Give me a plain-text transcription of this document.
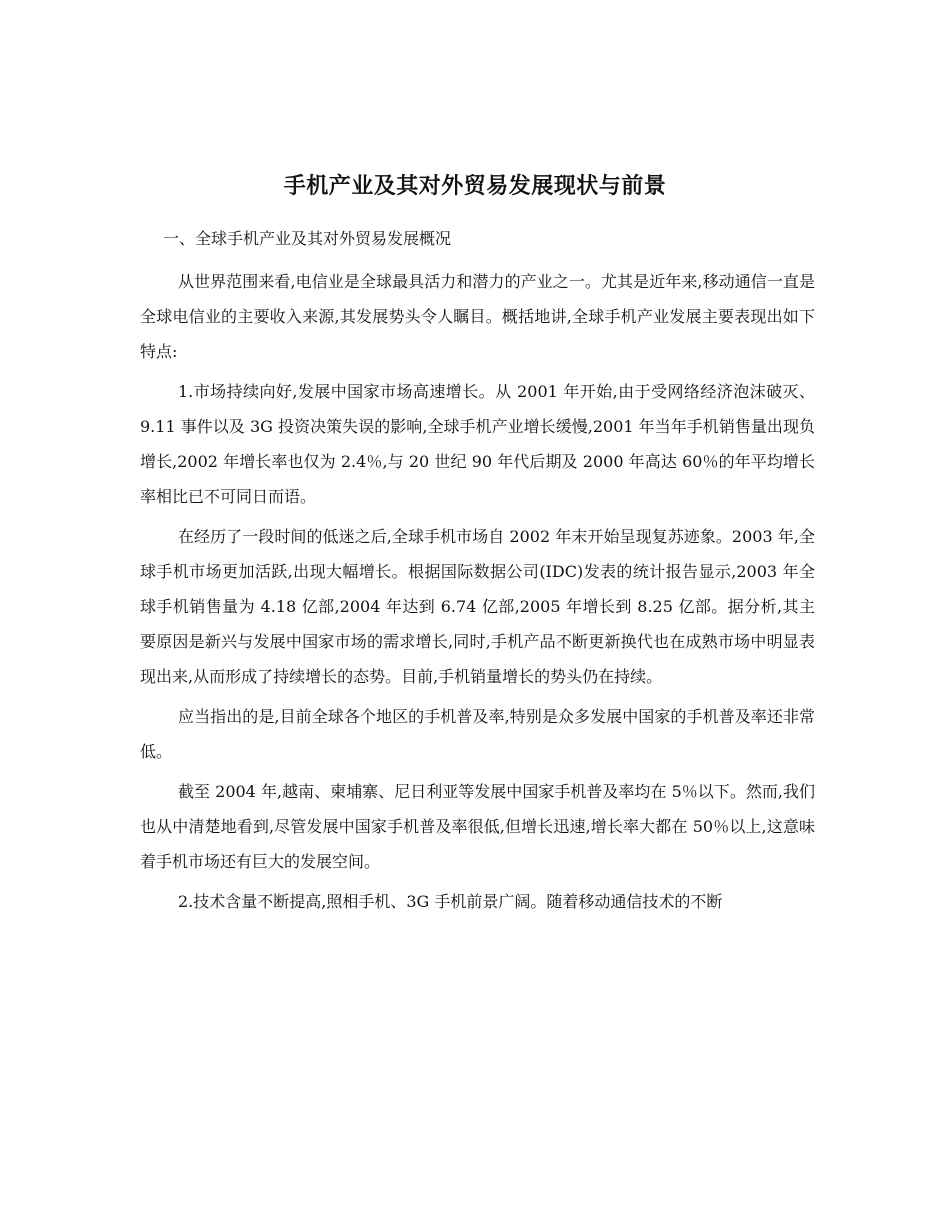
手机产业及其对外贸易发展现状与前景
一、全球手机产业及其对外贸易发展概况

从世界范围来看,电信业是全球最具活力和潜力的产业之一。尤其是近年来,移动通信一直是全球电信业的主要收入来源,其发展势头令人瞩目。概括地讲,全球手机产业发展主要表现出如下特点:

1.市场持续向好,发展中国家市场高速增长。从 2001 年开始,由于受网络经济泡沫破灭、9.11 事件以及 3G 投资决策失误的影响,全球手机产业增长缓慢,2001 年当年手机销售量出现负增长,2002 年增长率也仅为 2.4％,与 20 世纪 90 年代后期及 2000 年高达 60％的年平均增长率相比已不可同日而语。

在经历了一段时间的低迷之后,全球手机市场自 2002 年末开始呈现复苏迹象。2003 年,全球手机市场更加活跃,出现大幅增长。根据国际数据公司(IDC)发表的统计报告显示,2003 年全球手机销售量为 4.18 亿部,2004 年达到 6.74 亿部,2005 年增长到 8.25 亿部。据分析,其主要原因是新兴与发展中国家市场的需求增长,同时,手机产品不断更新换代也在成熟市场中明显表现出来,从而形成了持续增长的态势。目前,手机销量增长的势头仍在持续。

应当指出的是,目前全球各个地区的手机普及率,特别是众多发展中国家的手机普及率还非常低。

截至 2004 年,越南、柬埔寨、尼日利亚等发展中国家手机普及率均在 5％以下。然而,我们也从中清楚地看到,尽管发展中国家手机普及率很低,但增长迅速,增长率大都在 50％以上,这意味着手机市场还有巨大的发展空间。

2.技术含量不断提高,照相手机、3G 手机前景广阔。随着移动通信技术的不断
